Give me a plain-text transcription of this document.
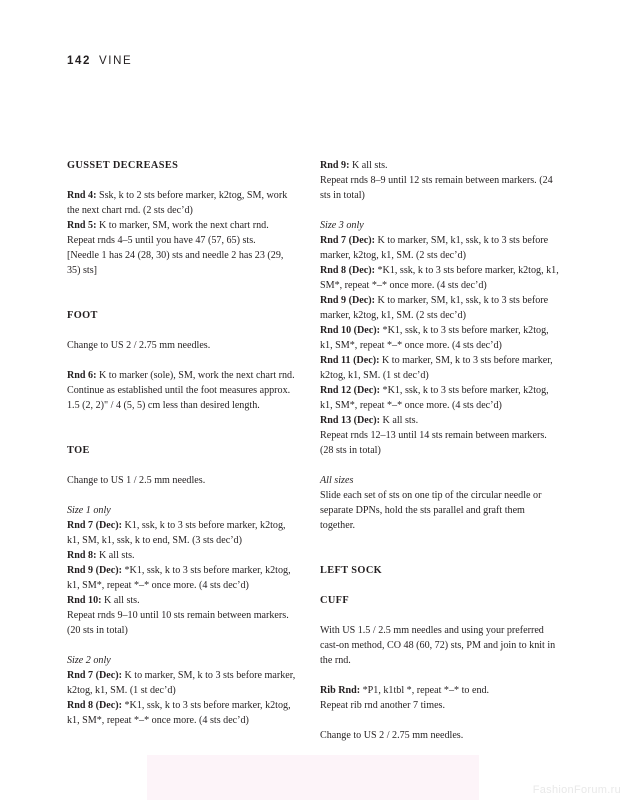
142 VINE
GUSSET DECREASES

Rnd 4: Ssk, k to 2 sts before marker, k2tog, SM, work the next chart rnd. (2 sts dec’d)

Rnd 5: K to marker, SM, work the next chart rnd.

Repeat rnds 4–5 until you have 47 (57, 65) sts.

[Needle 1 has 24 (28, 30) sts and needle 2 has 23 (29, 35) sts]

FOOT

Change to US 2 / 2.75 mm needles.

Rnd 6: K to marker (sole), SM, work the next chart rnd.

Continue as established until the foot measures approx. 1.5 (2, 2)" / 4 (5, 5) cm less than desired length.

TOE

Change to US 1 / 2.5 mm needles.

Size 1 only

Rnd 7 (Dec): K1, ssk, k to 3 sts before marker, k2tog, k1, SM, k1, ssk, k to end, SM. (3 sts dec’d)

Rnd 8: K all sts.

Rnd 9 (Dec): *K1, ssk, k to 3 sts before marker, k2tog, k1, SM*, repeat *–* once more. (4 sts dec’d)

Rnd 10: K all sts.

Repeat rnds 9–10 until 10 sts remain between markers. (20 sts in total)

Size 2 only

Rnd 7 (Dec): K to marker, SM, k to 3 sts before marker, k2tog, k1, SM. (1 st dec’d)

Rnd 8 (Dec): *K1, ssk, k to 3 sts before marker, k2tog, k1, SM*, repeat *–* once more. (4 sts dec’d)

Rnd 9: K all sts.

Repeat rnds 8–9 until 12 sts remain between markers. (24 sts in total)

Size 3 only

Rnd 7 (Dec): K to marker, SM, k1, ssk, k to 3 sts before marker, k2tog, k1, SM. (2 sts dec’d)

Rnd 8 (Dec): *K1, ssk, k to 3 sts before marker, k2tog, k1, SM*, repeat *–* once more. (4 sts dec’d)

Rnd 9 (Dec): K to marker, SM, k1, ssk, k to 3 sts before marker, k2tog, k1, SM. (2 sts dec’d)

Rnd 10 (Dec): *K1, ssk, k to 3 sts before marker, k2tog, k1, SM*, repeat *–* once more. (4 sts dec’d)

Rnd 11 (Dec): K to marker, SM, k to 3 sts before marker, k2tog, k1, SM. (1 st dec’d)

Rnd 12 (Dec): *K1, ssk, k to 3 sts before marker, k2tog, k1, SM*, repeat *–* once more. (4 sts dec’d)

Rnd 13 (Dec): K all sts.

Repeat rnds 12–13 until 14 sts remain between markers. (28 sts in total)

All sizes

Slide each set of sts on one tip of the circular needle or separate DPNs, hold the sts parallel and graft them together.

LEFT SOCK
CUFF

With US 1.5 / 2.5 mm needles and using your preferred cast-on method, CO 48 (60, 72) sts, PM and join to knit in the rnd.

Rib Rnd: *P1, k1tbl *, repeat *–* to end.

Repeat rib rnd another 7 times.

Change to US 2 / 2.75 mm needles.

FashionForum.ru
